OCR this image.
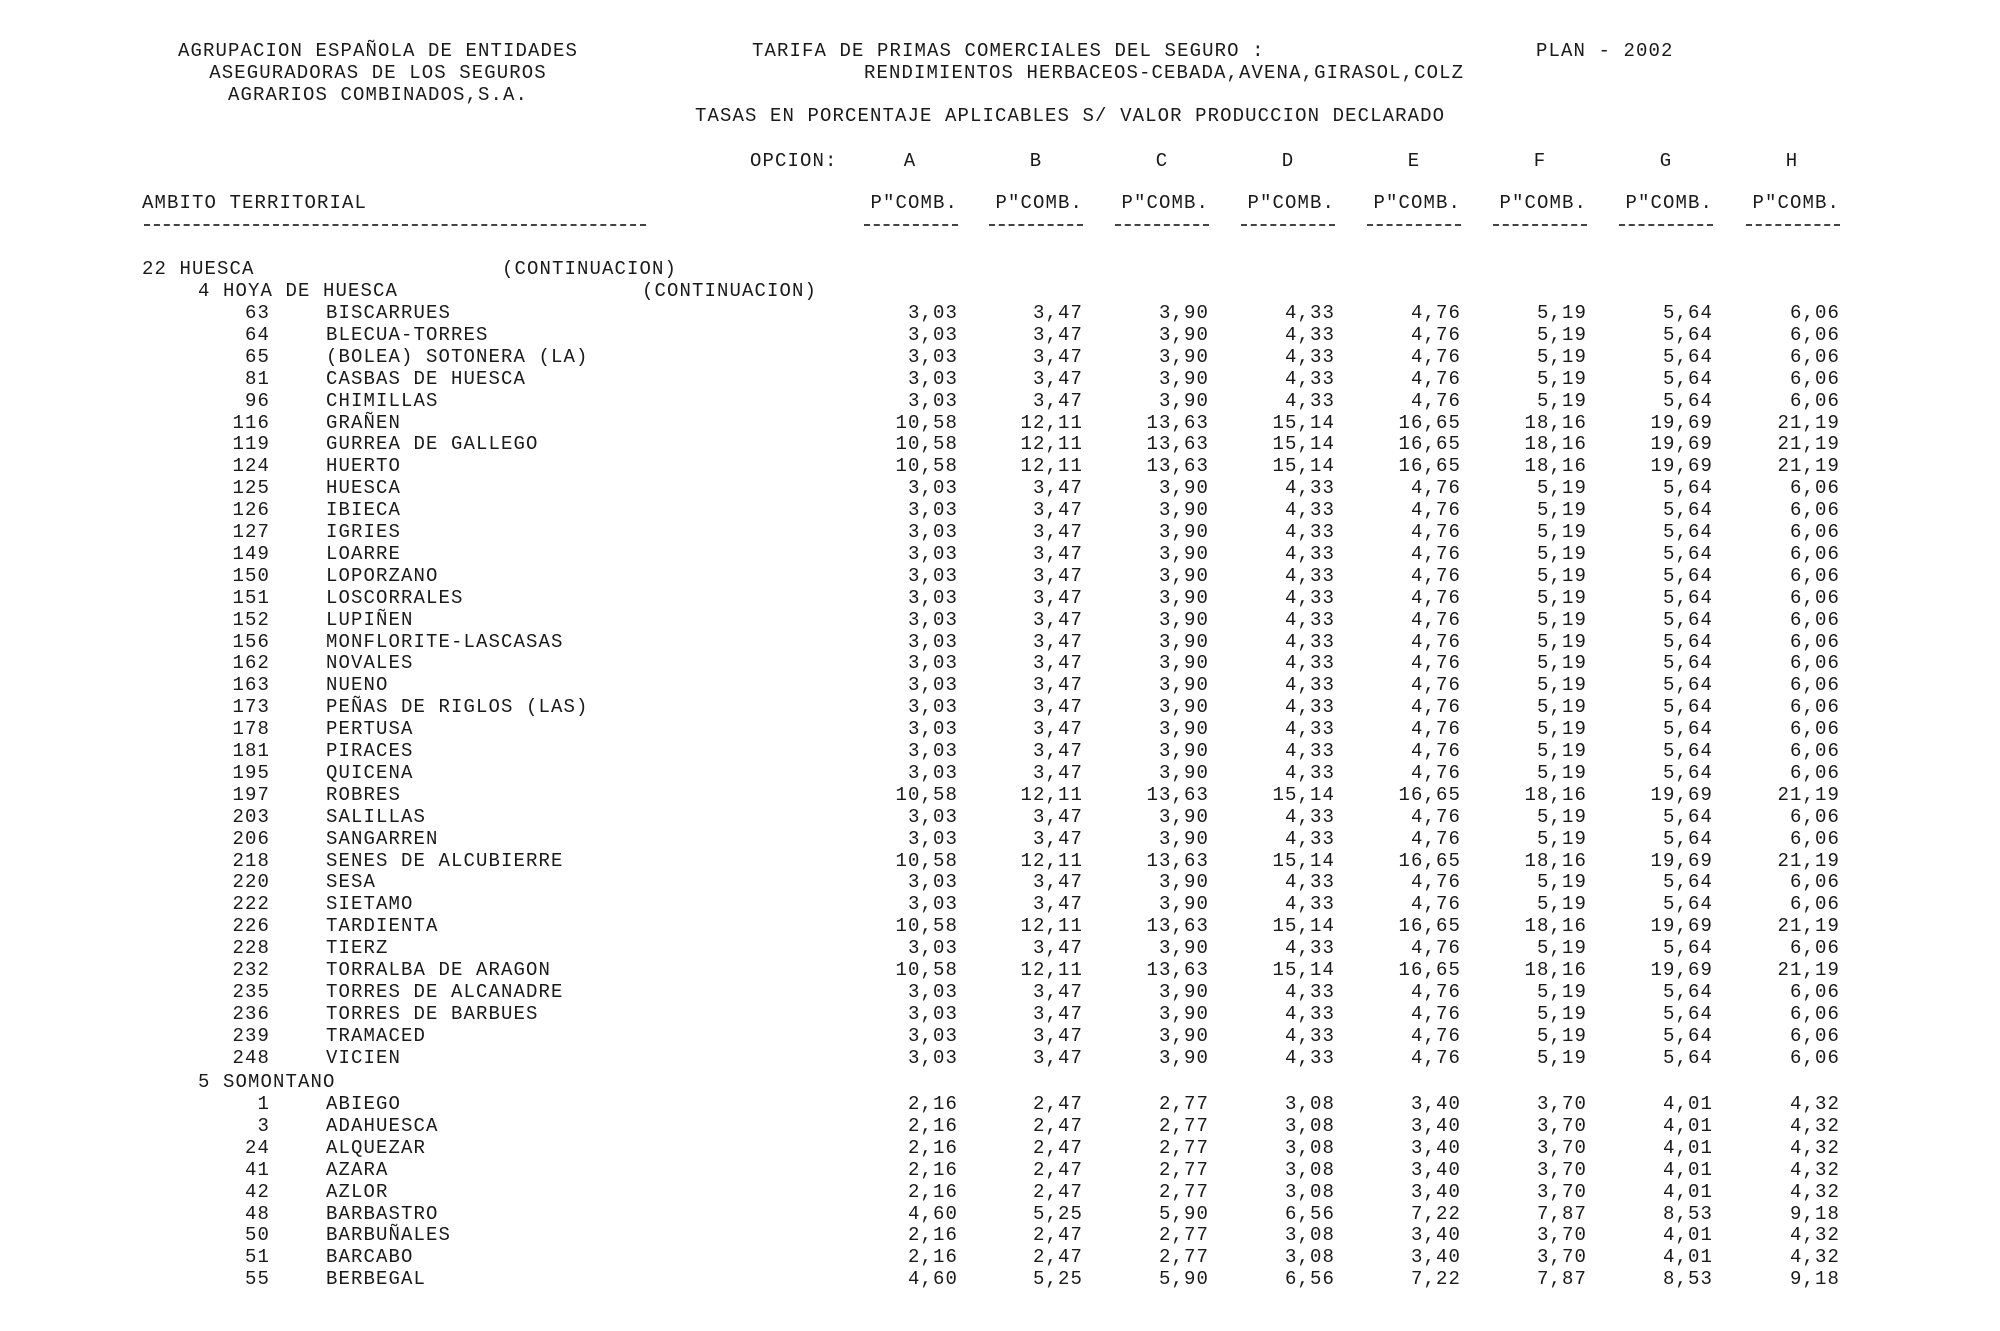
AGRUPACION ESPAÑOLA DE ENTIDADES
ASEGURADORAS DE LOS SEGUROS
AGRARIOS COMBINADOS,S.A.
TARIFA DE PRIMAS COMERCIALES DEL SEGURO :	PLAN - 2002
RENDIMIENTOS HERBACEOS-CEBADA,AVENA,GIRASOL,COLZ
TASAS EN PORCENTAJE APLICABLES S/ VALOR PRODUCCION DECLARADO
OPCION:	A	B	C	D	E	F	G	H
AMBITO TERRITORIAL	P"COMB.	P"COMB.	P"COMB.	P"COMB.	P"COMB.	P"COMB.	P"COMB.	P"COMB.
22 HUESCA	(CONTINUACION)
4 HOYA DE HUESCA	(CONTINUACION)
63	BISCARRUES	3,03	3,47	3,90	4,33	4,76	5,19	5,64	6,06
64	BLECUA-TORRES	3,03	3,47	3,90	4,33	4,76	5,19	5,64	6,06
65	(BOLEA) SOTONERA (LA)	3,03	3,47	3,90	4,33	4,76	5,19	5,64	6,06
81	CASBAS DE HUESCA	3,03	3,47	3,90	4,33	4,76	5,19	5,64	6,06
96	CHIMILLAS	3,03	3,47	3,90	4,33	4,76	5,19	5,64	6,06
116	GRAÑEN	10,58	12,11	13,63	15,14	16,65	18,16	19,69	21,19
119	GURREA DE GALLEGO	10,58	12,11	13,63	15,14	16,65	18,16	19,69	21,19
124	HUERTO	10,58	12,11	13,63	15,14	16,65	18,16	19,69	21,19
125	HUESCA	3,03	3,47	3,90	4,33	4,76	5,19	5,64	6,06
126	IBIECA	3,03	3,47	3,90	4,33	4,76	5,19	5,64	6,06
127	IGRIES	3,03	3,47	3,90	4,33	4,76	5,19	5,64	6,06
149	LOARRE	3,03	3,47	3,90	4,33	4,76	5,19	5,64	6,06
150	LOPORZANO	3,03	3,47	3,90	4,33	4,76	5,19	5,64	6,06
151	LOSCORRALES	3,03	3,47	3,90	4,33	4,76	5,19	5,64	6,06
152	LUPIÑEN	3,03	3,47	3,90	4,33	4,76	5,19	5,64	6,06
156	MONFLORITE-LASCASAS	3,03	3,47	3,90	4,33	4,76	5,19	5,64	6,06
162	NOVALES	3,03	3,47	3,90	4,33	4,76	5,19	5,64	6,06
163	NUENO	3,03	3,47	3,90	4,33	4,76	5,19	5,64	6,06
173	PEÑAS DE RIGLOS (LAS)	3,03	3,47	3,90	4,33	4,76	5,19	5,64	6,06
178	PERTUSA	3,03	3,47	3,90	4,33	4,76	5,19	5,64	6,06
181	PIRACES	3,03	3,47	3,90	4,33	4,76	5,19	5,64	6,06
195	QUICENA	3,03	3,47	3,90	4,33	4,76	5,19	5,64	6,06
197	ROBRES	10,58	12,11	13,63	15,14	16,65	18,16	19,69	21,19
203	SALILLAS	3,03	3,47	3,90	4,33	4,76	5,19	5,64	6,06
206	SANGARREN	3,03	3,47	3,90	4,33	4,76	5,19	5,64	6,06
218	SENES DE ALCUBIERRE	10,58	12,11	13,63	15,14	16,65	18,16	19,69	21,19
220	SESA	3,03	3,47	3,90	4,33	4,76	5,19	5,64	6,06
222	SIETAMO	3,03	3,47	3,90	4,33	4,76	5,19	5,64	6,06
226	TARDIENTA	10,58	12,11	13,63	15,14	16,65	18,16	19,69	21,19
228	TIERZ	3,03	3,47	3,90	4,33	4,76	5,19	5,64	6,06
232	TORRALBA DE ARAGON	10,58	12,11	13,63	15,14	16,65	18,16	19,69	21,19
235	TORRES DE ALCANADRE	3,03	3,47	3,90	4,33	4,76	5,19	5,64	6,06
236	TORRES DE BARBUES	3,03	3,47	3,90	4,33	4,76	5,19	5,64	6,06
239	TRAMACED	3,03	3,47	3,90	4,33	4,76	5,19	5,64	6,06
248	VICIEN	3,03	3,47	3,90	4,33	4,76	5,19	5,64	6,06
5 SOMONTANO
1	ABIEGO	2,16	2,47	2,77	3,08	3,40	3,70	4,01	4,32
3	ADAHUESCA	2,16	2,47	2,77	3,08	3,40	3,70	4,01	4,32
24	ALQUEZAR	2,16	2,47	2,77	3,08	3,40	3,70	4,01	4,32
41	AZARA	2,16	2,47	2,77	3,08	3,40	3,70	4,01	4,32
42	AZLOR	2,16	2,47	2,77	3,08	3,40	3,70	4,01	4,32
48	BARBASTRO	4,60	5,25	5,90	6,56	7,22	7,87	8,53	9,18
50	BARBUÑALES	2,16	2,47	2,77	3,08	3,40	3,70	4,01	4,32
51	BARCABO	2,16	2,47	2,77	3,08	3,40	3,70	4,01	4,32
55	BERBEGAL	4,60	5,25	5,90	6,56	7,22	7,87	8,53	9,18
